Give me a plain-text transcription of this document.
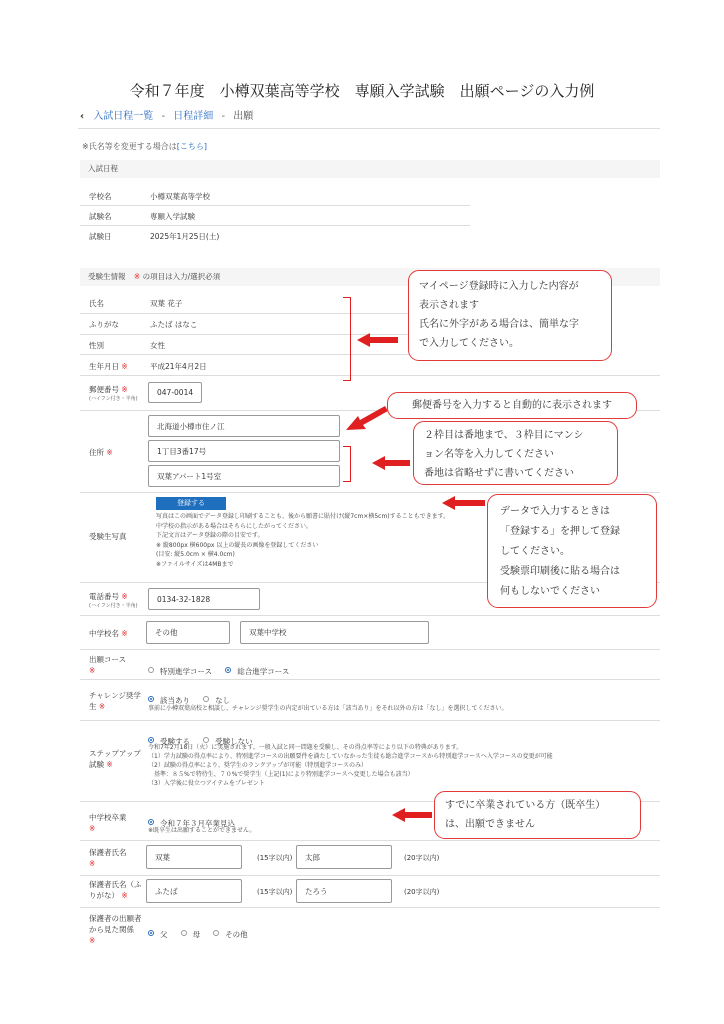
令和７年度　小樽双葉高等学校　専願入学試験　出願ページの入力例
‹ 入試日程一覧 - 日程詳細 - 出願
※氏名等を変更する場合は[こちら]
入試日程
学校名	小樽双葉高等学校
試験名	専願入学試験
試験日	2025年1月25日(土)
受験生情報 ※ の項目は入力/選択必須
氏名	双葉 花子
ふりがな	ふたば はなこ
性別	女性
生年月日 ※	平成21年4月2日
郵便番号 ※
(ハイフン付き・半角)
047-0014
住所 ※
北海道小樽市住ノ江
1丁目3番17号
双葉アパート1号室
受験生写真
登録する
写真はこの画面でデータ登録し印刷することも、後から願書に貼付け(縦7cm×横5cm)することもできます。
中学校の指示がある場合はそちらにしたがってください。
下記文言はデータ登録の際の目安です。
※ 縦800px 横600px 以上の縦長の画像を登録してください
(目安: 縦5.0cm × 横4.0cm)
※ファイルサイズは4MBまで
電話番号 ※
(ハイフン付き・半角)
0134-32-1828
中学校名 ※	その他	双葉中学校
出願コース
※	特別進学コース	総合進学コース
チャレンジ奨学
生 ※
該当あり	なし
事前に小樽双葉高校と相談し、チャレンジ奨学生の内定が出ている方は「該当あり」をそれ以外の方は「なし」を選択してください。
ステップアップ
試験 ※
受験する	受験しない
令和7年2月18日（火）に実施されます。一般入試と同一問題を受験し、その得点率等により以下の特典があります。
（1）学力試験の得点率により、特別進学コースの出願要件を満たしていなかった生徒も総合進学コースから特別進学コースへ入学コースの変更が可能
（2）試験の得点率により、奨学生のランクアップが可能（特別進学コースのみ）
　基準：８５%で特待生、７０%で奨学生（上記(1)により特別進学コースへ変更した場合も該当）
（3）入学後に役立つアイテムをプレゼント
中学校卒業
※
令和７年３月卒業見込
※既卒生は出願することができません。
保護者氏名
※
双葉	(15字以内)	太郎	(20字以内)
保護者氏名（ふ
りがな） ※	ふたば	(15字以内)	たろう	(20字以内)
保護者の出願者
から見た関係
※
父	母	その他
マイページ登録時に入力した内容が
表示されます
氏名に外字がある場合は、簡単な字
で入力してください。
郵便番号を入力すると自動的に表示されます
２枠目は番地まで、３枠目にマンシ
ョン名等を入力してください
番地は省略せずに書いてください
データで入力するときは
「登録する」を押して登録
してください。
受験票印刷後に貼る場合は
何もしないでください
すでに卒業されている方（既卒生）
は、出願できません
